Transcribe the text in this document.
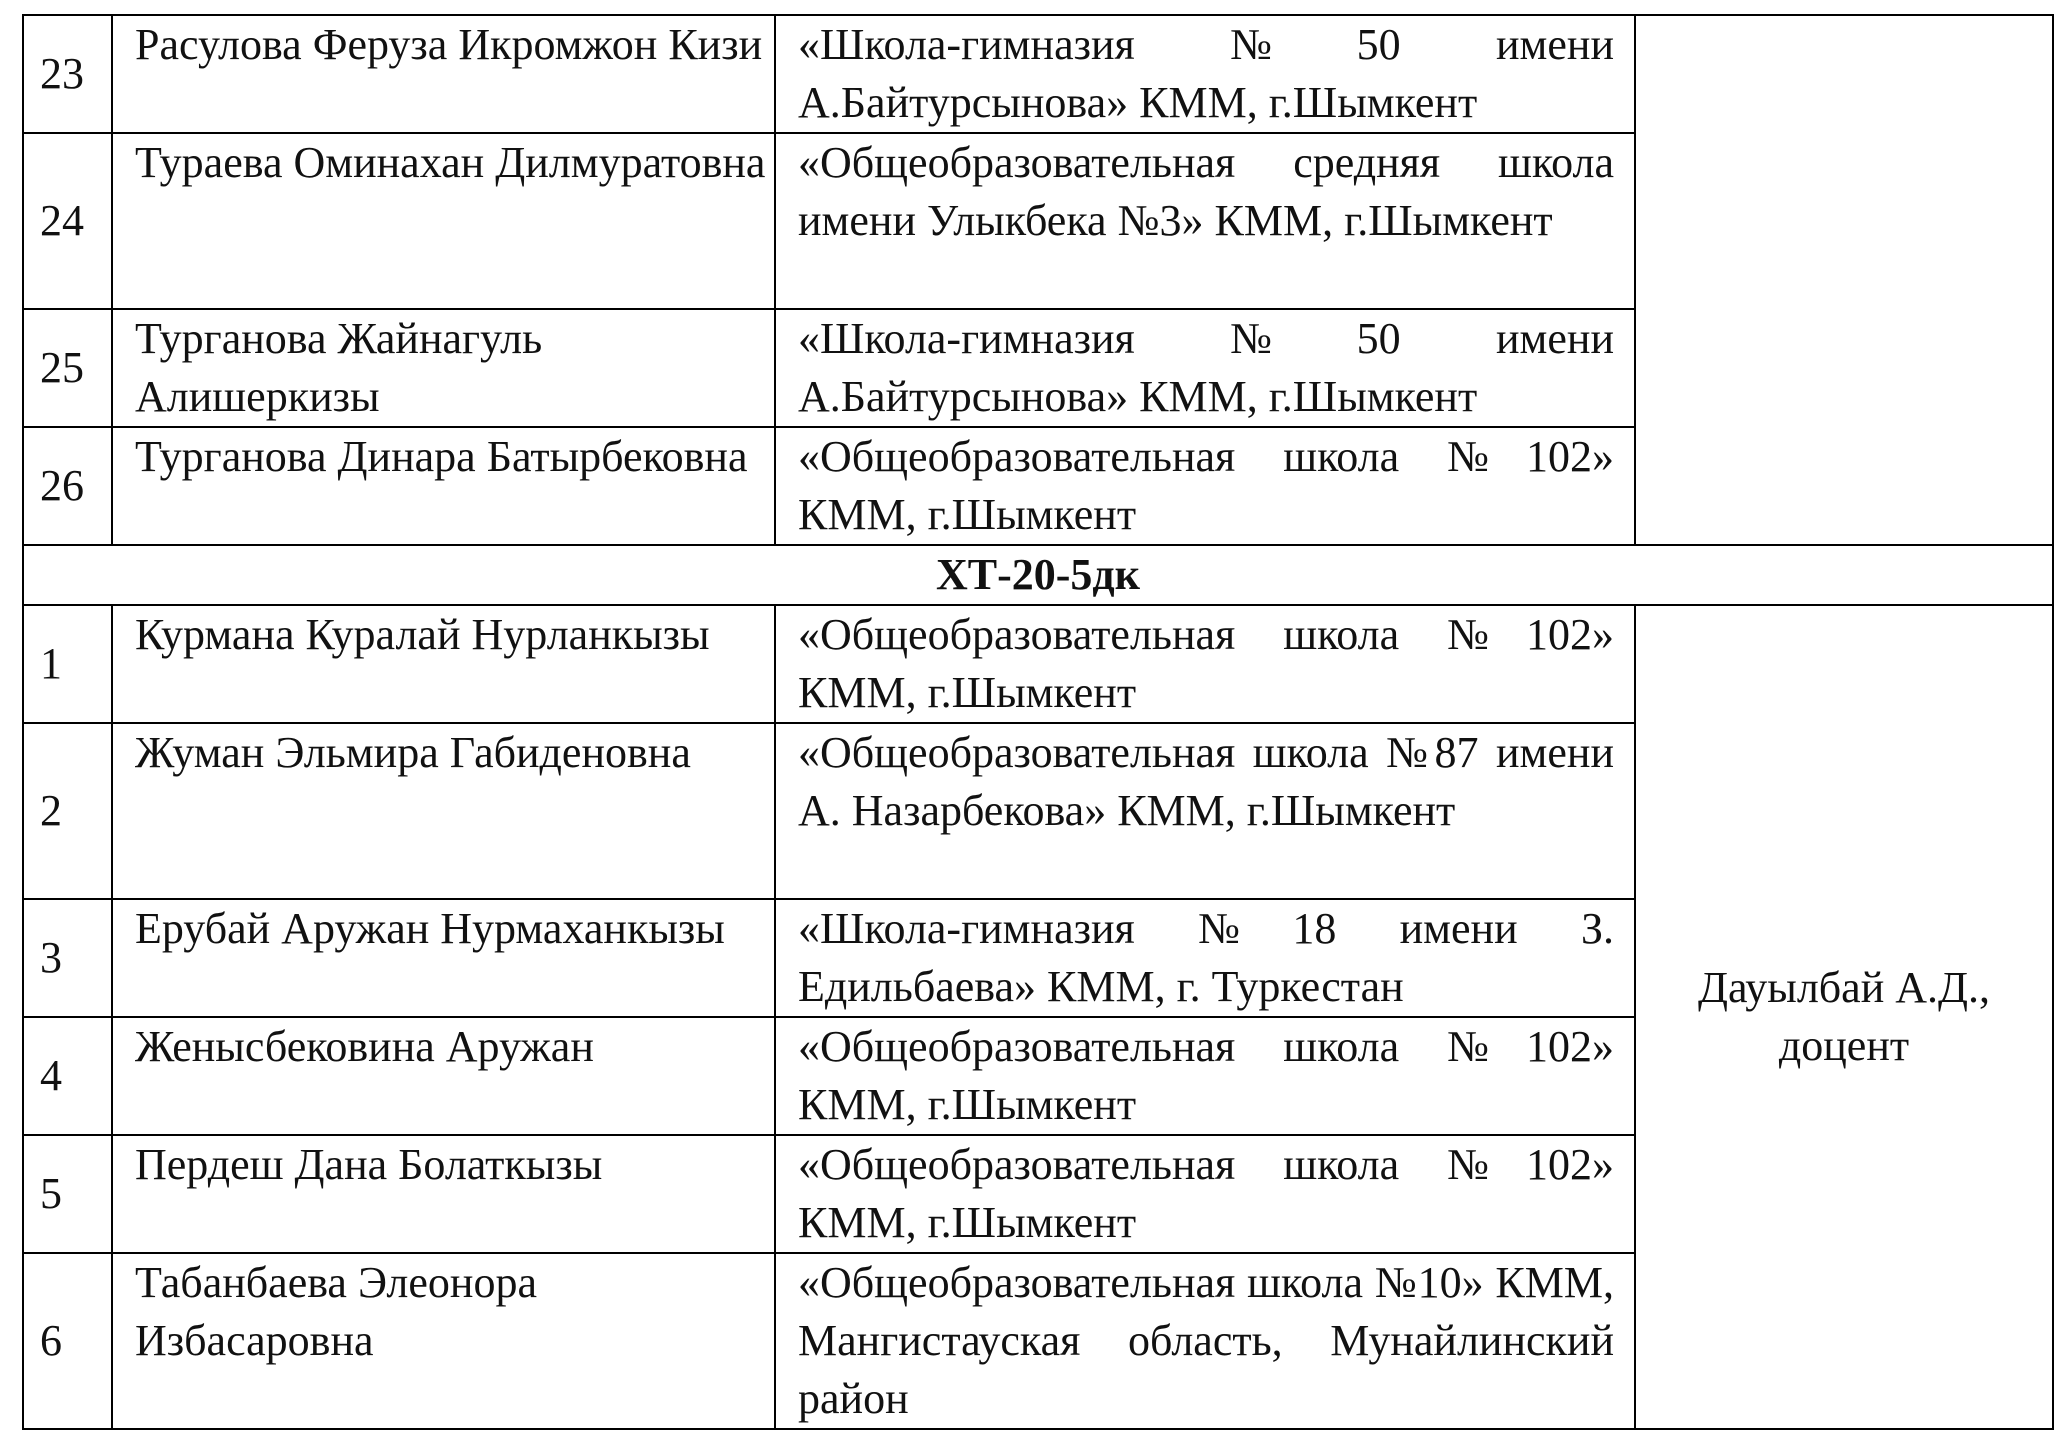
23	Расулова Феруза Икромжон Кизи	«Школа-гимназия №50 имени А.Байтурсынова» КММ, г.Шымкент	
24	Тураева Оминахан Дилмуратовна	«Общеобразовательная средняя школа имени Улыкбека №3» КММ, г.Шымкент	
25	Турганова Жайнагуль Алишеркизы	«Школа-гимназия №50 имени А.Байтурсынова» КММ, г.Шымкент	
26	Турганова Динара Батырбековна	«Общеобразовательная школа №102» КММ, г.Шымкент	
ХТ-20-5дк			
1	Курмана Куралай Нурланкызы	«Общеобразовательная школа №102» КММ, г.Шымкент	Дауылбай А.Д., доцент
2	Жуман Эльмира Габиденовна	«Общеобразовательная школа №87 имени А. Назарбекова» КММ, г.Шымкент	
3	Ерубай Аружан Нурмаханкызы	«Школа-гимназия №18 имени З. Едильбаева» КММ, г. Туркестан	
4	Женысбековина Аружан	«Общеобразовательная школа №102» КММ, г.Шымкент	
5	Пердеш Дана Болаткызы	«Общеобразовательная школа №102» КММ, г.Шымкент	
6	Табанбаева Элеонора Избасаровна	«Общеобразовательная школа №10» КММ, Мангистауская область, Мунайлинский район	
